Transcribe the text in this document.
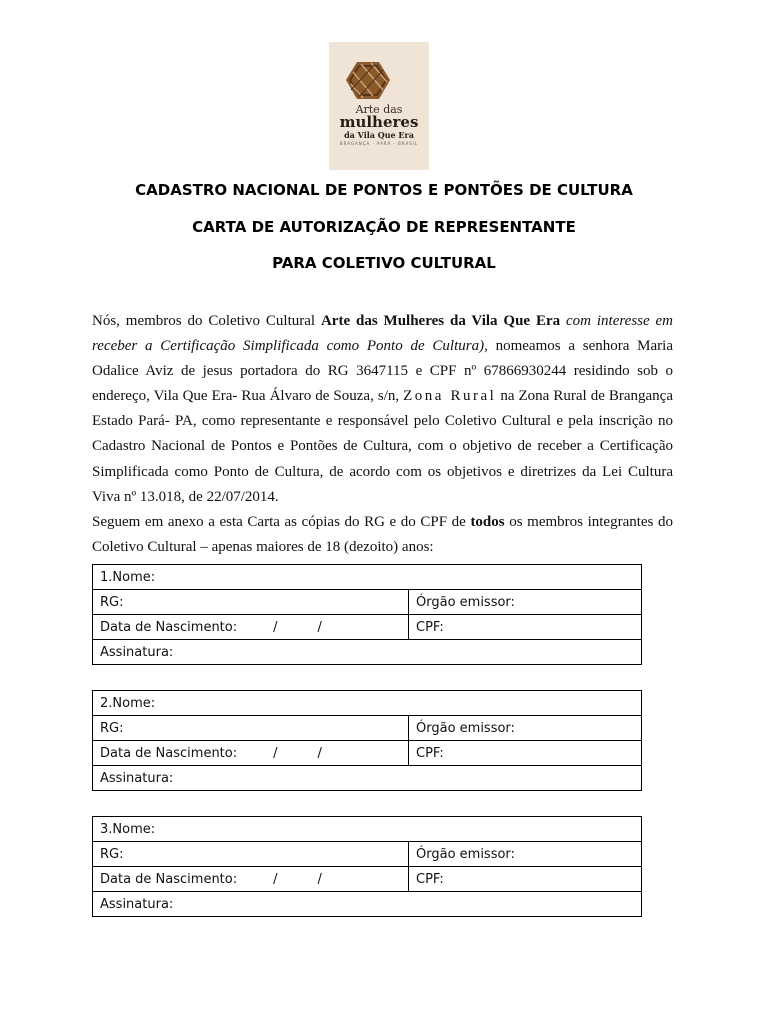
Arte das
mulheres
da Vila Que Era
BRAGANÇA · PARÁ · BRASIL
CADASTRO NACIONAL DE PONTOS E PONTÕES DE CULTURA
CARTA DE AUTORIZAÇÃO DE REPRESENTANTE
PARA COLETIVO CULTURAL

Nós, membros do Coletivo Cultural Arte das Mulheres da Vila Que Era com interesse em receber a Certificação Simplificada como Ponto de Cultura), nomeamos a senhora Maria Odalice Aviz de jesus portadora do RG 3647115 e CPF nº 67866930244 residindo sob o endereço, Vila Que Era- Rua Álvaro de Souza, s/n, Zona Rural na Zona Rural de Brangança Estado Pará- PA, como representante e responsável pelo Coletivo Cultural e pela inscrição no Cadastro Nacional de Pontos e Pontões de Cultura, com o objetivo de receber a Certificação Simplificada como Ponto de Cultura, de acordo com os objetivos e diretrizes da Lei Cultura Viva nº 13.018, de 22/07/2014.

Seguem em anexo a esta Carta as cópias do RG e do CPF de todos os membros integrantes do Coletivo Cultural – apenas maiores de 18 (dezoito) anos:

1.Nome:	
RG:	Órgão emissor:
Data de Nascimento: / /	CPF:
Assinatura:	
2.Nome:	
RG:	Órgão emissor:
Data de Nascimento: / /	CPF:
Assinatura:	
3.Nome:	
RG:	Órgão emissor:
Data de Nascimento: / /	CPF:
Assinatura:	
